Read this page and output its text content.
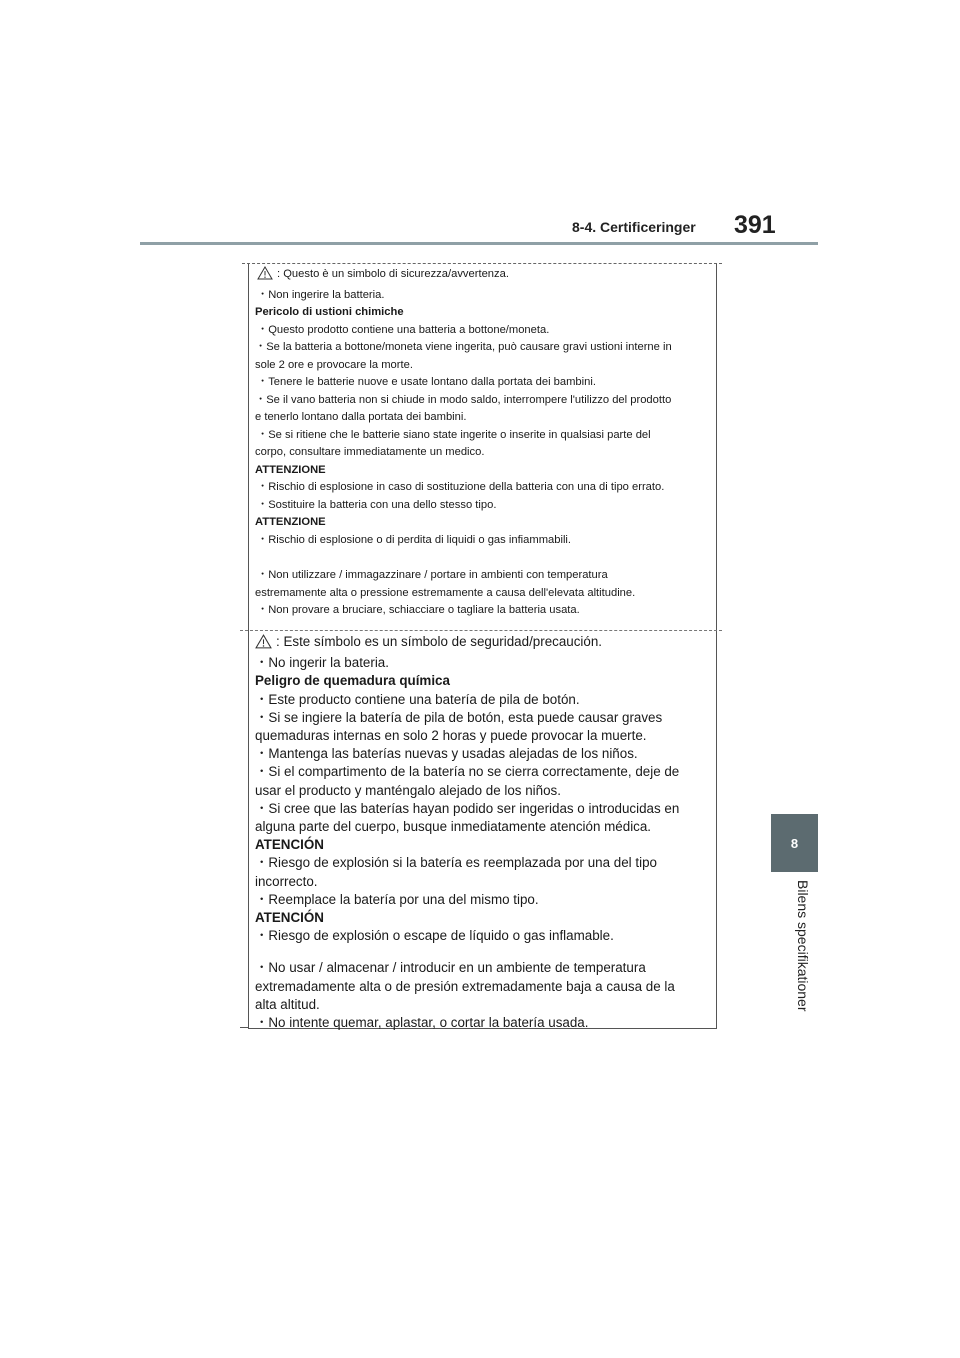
8-4. Certificeringer 391
8
Bilens specifikationer
: Questo è un simbolo di sicurezza/avvertenza.
・Non ingerire la batteria.
Pericolo di ustioni chimiche
・Questo prodotto contiene una batteria a bottone/moneta.
・Se la batteria a bottone/moneta viene ingerita, può causare gravi ustioni interne in
sole 2 ore e provocare la morte.
・Tenere le batterie nuove e usate lontano dalla portata dei bambini.
・Se il vano batteria non si chiude in modo saldo, interrompere l'utilizzo del prodotto
e tenerlo lontano dalla portata dei bambini.
・Se si ritiene che le batterie siano state ingerite o inserite in qualsiasi parte del
corpo, consultare immediatamente un medico.
ATTENZIONE
・Rischio di esplosione in caso di sostituzione della batteria con una di tipo errato.
・Sostituire la batteria con una dello stesso tipo.
ATTENZIONE
・Rischio di esplosione o di perdita di liquidi o gas infiammabili.
・Non utilizzare / immagazzinare / portare in ambienti con temperatura
estremamente alta o pressione estremamente a causa dell'elevata altitudine.
・Non provare a bruciare, schiacciare o tagliare la batteria usata.
: Este símbolo es un símbolo de seguridad/precaución.
・No ingerir la bateria.
Peligro de quemadura química
・Este producto contiene una batería de pila de botón.
・Si se ingiere la batería de pila de botón, esta puede causar graves
quemaduras internas en solo 2 horas y puede provocar la muerte.
・Mantenga las baterías nuevas y usadas alejadas de los niños.
・Si el compartimento de la batería no se cierra correctamente, deje de
usar el producto y manténgalo alejado de los niños.
・Si cree que las baterías hayan podido ser ingeridas o introducidas en
alguna parte del cuerpo, busque inmediatamente atención médica.
ATENCIÓN
・Riesgo de explosión si la batería es reemplazada por una del tipo
incorrecto.
・Reemplace la batería por una del mismo tipo.
ATENCIÓN
・Riesgo de explosión o escape de líquido o gas inflamable.
・No usar / almacenar / introducir en un ambiente de temperatura
extremadamente alta o de presión extremadamente baja a causa de la
alta altitud.
・No intente quemar, aplastar, o cortar la batería usada.
